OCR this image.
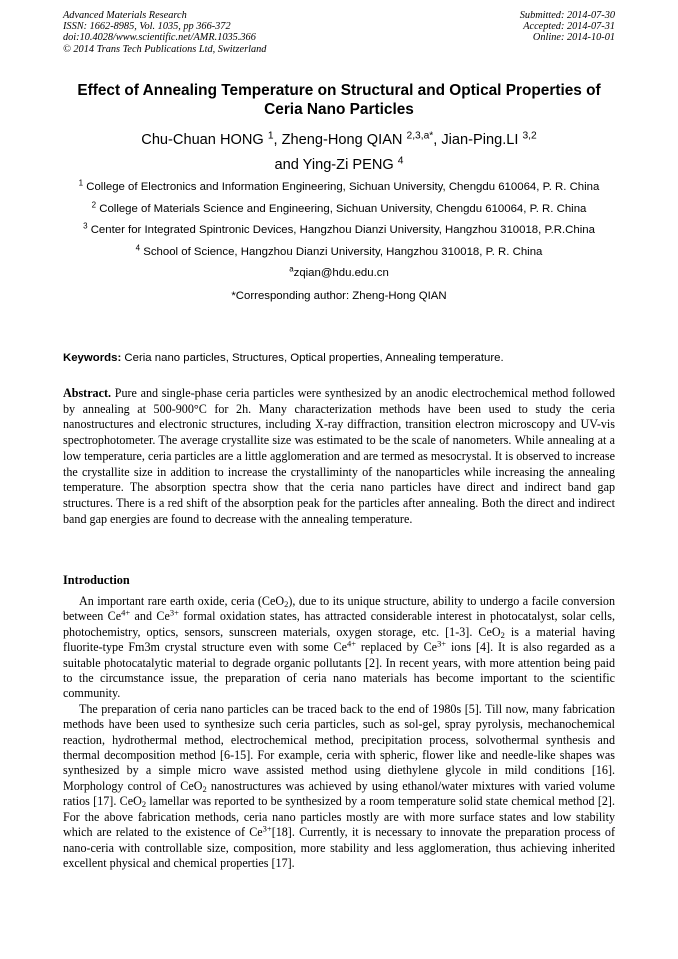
Advanced Materials Research
ISSN: 1662-8985, Vol. 1035, pp 366-372
doi:10.4028/www.scientific.net/AMR.1035.366
© 2014 Trans Tech Publications Ltd, Switzerland
Submitted: 2014-07-30
Accepted: 2014-07-31
Online: 2014-10-01
Effect of Annealing Temperature on Structural and Optical Properties of
Ceria Nano Particles
Chu-Chuan HONG $^1$, Zheng-Hong QIAN $^{2,3,a*}$, Jian-Ping.LI $^{3,2}$
and Ying-Zi PENG $^4$
$^1$ College of Electronics and Information Engineering, Sichuan University, Chengdu 610064, P. R. China
$^2$ College of Materials Science and Engineering, Sichuan University, Chengdu 610064, P. R. China
$^3$ Center for Integrated Spintronic Devices, Hangzhou Dianzi University, Hangzhou 310018, P.R.China
$^4$ School of Science, Hangzhou Dianzi University, Hangzhou 310018, P. R. China
$^a$zqian@hdu.edu.cn
*Corresponding author: Zheng-Hong QIAN
Keywords: Ceria nano particles, Structures, Optical properties, Annealing temperature.
Abstract. Pure and single-phase ceria particles were synthesized by an anodic electrochemical method followed by annealing at 500-900°C for 2h. Many characterization methods have been used to study the ceria nanostructures and electronic structures, including X-ray diffraction, transition electron microscopy and UV-vis spectrophotometer. The average crystallite size was estimated to be the scale of nanometers. While annealing at a low temperature, ceria particles are a little agglomeration and are termed as mesocrystal. It is observed to increase the crystallite size in addition to increase the crystalliminty of the nanoparticles while increasing the annealing temperature. The absorption spectra show that the ceria nano particles have direct and indirect band gap structures. There is a red shift of the absorption peak for the particles after annealing. Both the direct and indirect band gap energies are found to decrease with the annealing temperature.
Introduction

An important rare earth oxide, ceria (CeO$_2$), due to its unique structure, ability to undergo a facile conversion between $Ce^{4+}$ and $Ce^{3+}$ formal oxidation states, has attracted considerable interest in photocatalyst, solar cells, photochemistry, optics, sensors, sunscreen materials, oxygen storage, etc. [1-3]. CeO$_2$ is a material having fluorite-type Fm3m crystal structure even with some $Ce^{4+}$ replaced by $Ce^{3+}$ ions [4]. It is also regarded as a suitable photocatalytic material to degrade organic pollutants [2]. In recent years, with more attention being paid to the circumstance issue, the preparation of ceria nano materials has become important to the scientific community.

The preparation of ceria nano particles can be traced back to the end of 1980s [5]. Till now, many fabrication methods have been used to synthesize such ceria particles, such as sol-gel, spray pyrolysis, mechanochemical reaction, hydrothermal method, electrochemical method, precipitation process, solvothermal synthesis and thermal decomposition method [6-15]. For example, ceria with spheric, flower like and needle-like shapes was synthesized by a simple micro wave assisted method using diethylene glycole in mild conditions [16]. Morphology control of CeO$_2$ nanostructures was achieved by using ethanol/water mixtures with varied volume ratios [17]. CeO$_2$ lamellar was reported to be synthesized by a room temperature solid state chemical method [2]. For the above fabrication methods, ceria nano particles mostly are with more surface states and low stability which are related to the existence of $Ce^{3+}[18]$. Currently, it is necessary to innovate the preparation process of nano-ceria with controllable size, composition, more stability and less agglomeration, thus achieving inherited excellent physical and chemical properties [17].
